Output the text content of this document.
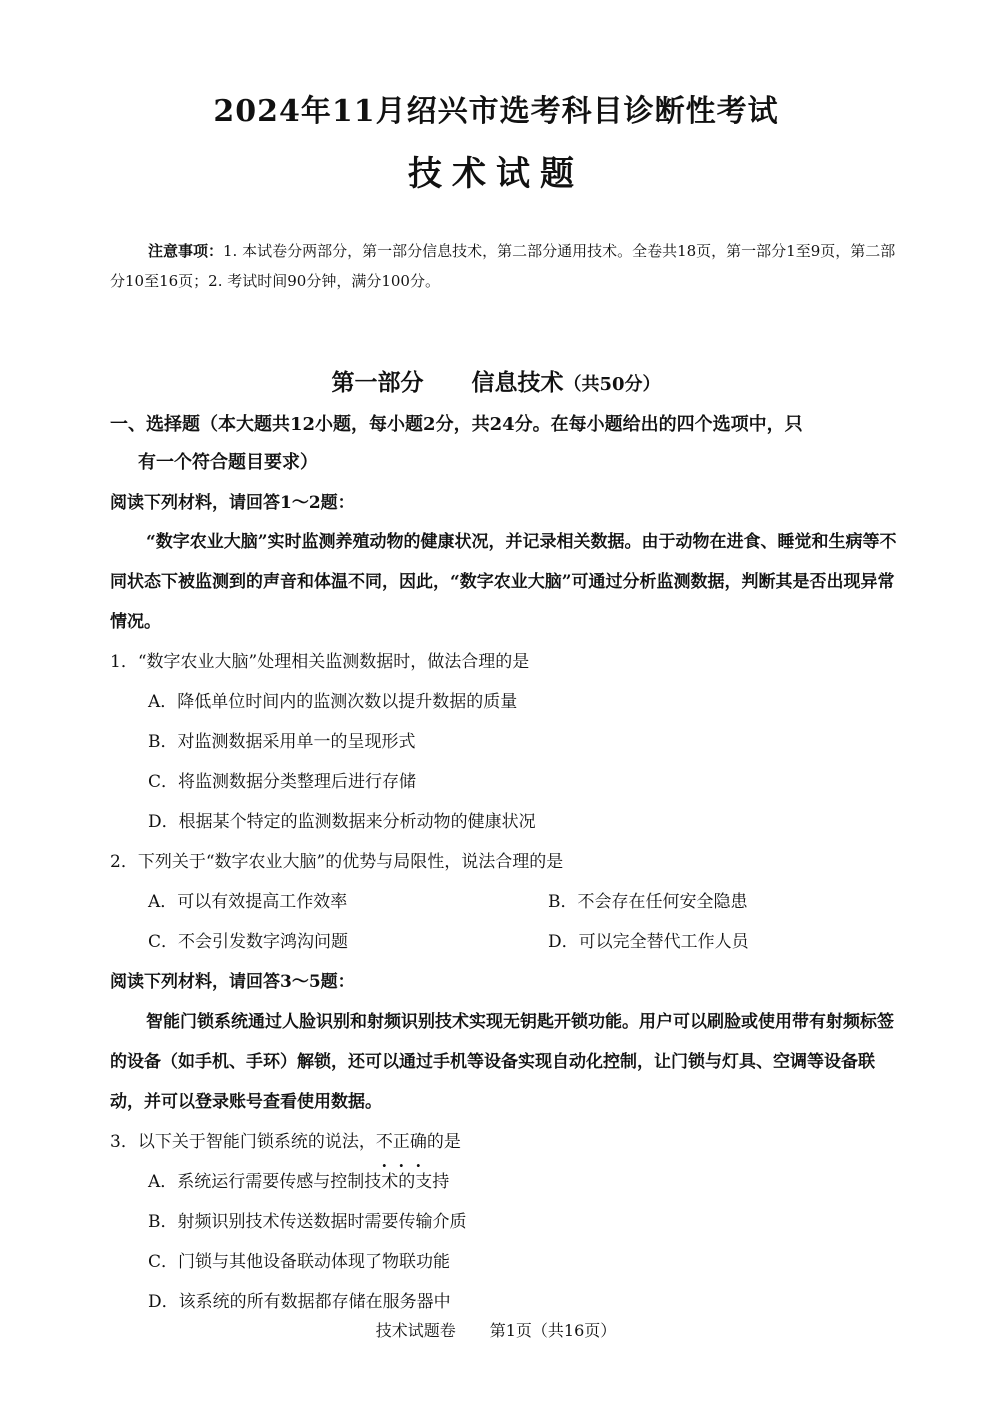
2024年11月绍兴市选考科目诊断性考试
技术试题
注意事项：1. 本试卷分两部分，第一部分信息技术，第二部分通用技术。全卷共18页，第一部分1至9页，第二部分10至16页；2. 考试时间90分钟，满分100分。
第一部分 信息技术（共50分）
一、选择题（本大题共12小题，每小题2分，共24分。在每小题给出的四个选项中，只
有一个符合题目要求）
阅读下列材料，请回答1～2题：
“数字农业大脑”实时监测养殖动物的健康状况，并记录相关数据。由于动物在进食、睡觉和生病等不同状态下被监测到的声音和体温不同，因此，“数字农业大脑”可通过分析监测数据，判断其是否出现异常情况。
1．“数字农业大脑”处理相关监测数据时，做法合理的是
A．降低单位时间内的监测次数以提升数据的质量
B．对监测数据采用单一的呈现形式
C．将监测数据分类整理后进行存储
D．根据某个特定的监测数据来分析动物的健康状况
2．下列关于“数字农业大脑”的优势与局限性，说法合理的是
A．可以有效提高工作效率	B．不会存在任何安全隐患
C．不会引发数字鸿沟问题	D．可以完全替代工作人员
阅读下列材料，请回答3～5题：
智能门锁系统通过人脸识别和射频识别技术实现无钥匙开锁功能。用户可以刷脸或使用带有射频标签的设备（如手机、手环）解锁，还可以通过手机等设备实现自动化控制，让门锁与灯具、空调等设备联动，并可以登录账号查看使用数据。
3．以下关于智能门锁系统的说法，不正确的是
A．系统运行需要传感与控制技术的支持
B．射频识别技术传送数据时需要传输介质
C．门锁与其他设备联动体现了物联功能
D．该系统的所有数据都存储在服务器中
技术试题卷 第1页（共16页）
